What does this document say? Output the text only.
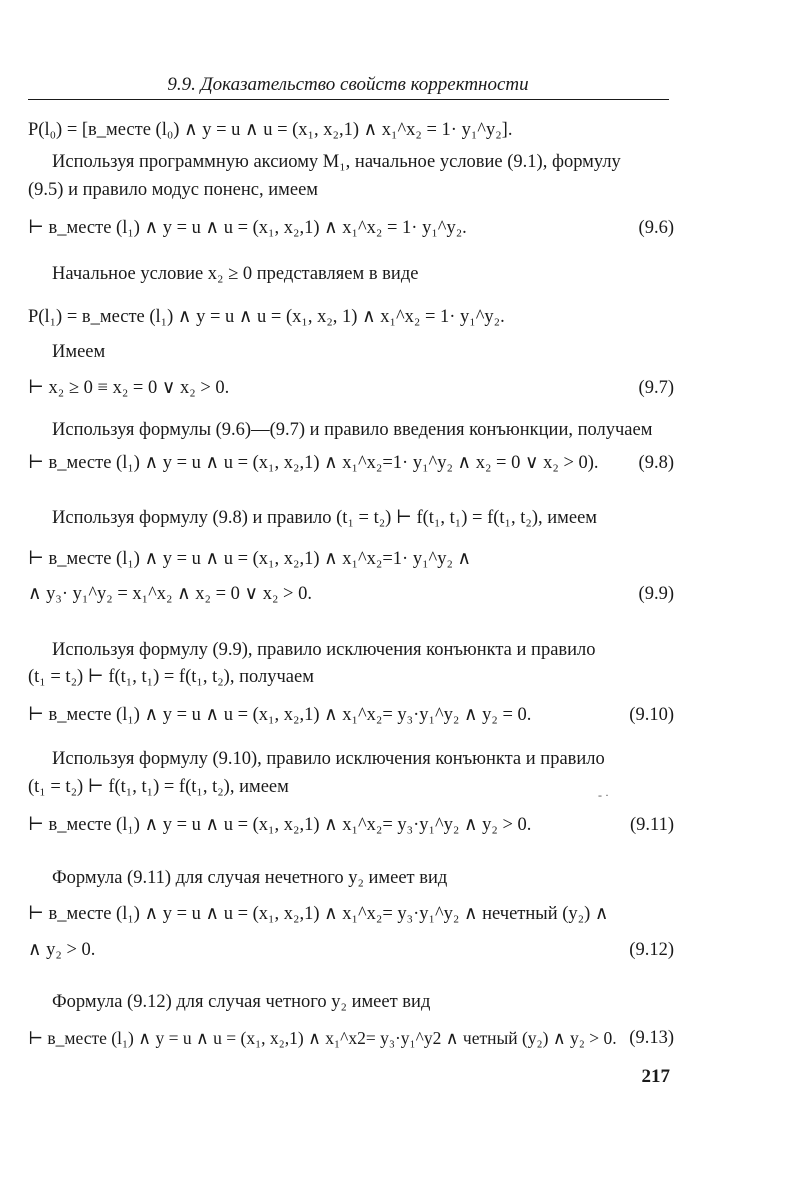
9.9. Доказательство свойств корректности
P(l₀) = [в_месте (l₀) ∧ y = u ∧ u = (x₁, x₂,1) ∧ x₁^x₂ = 1· y₁^y₂].
Используя программную аксиому M₁, начальное условие (9.1), формулу
(9.5) и правило модус поненс, имеем
⊢ в_месте (l₁) ∧ y = u ∧ u = (x₁, x₂,1) ∧ x₁^x₂ = 1· y₁^y₂.	(9.6)
Начальное условие x₂ ≥ 0 представляем в виде
P(l₁) = в_месте (l₁) ∧ y = u ∧ u = (x₁, x₂, 1) ∧ x₁^x₂ = 1· y₁^y₂.
Имеем
⊢ x₂ ≥ 0 ≡ x₂ = 0 ∨ x₂ > 0.	(9.7)
Используя формулы (9.6)—(9.7) и правило введения конъюнкции, получаем
⊢ в_месте (l₁) ∧ y = u ∧ u = (x₁, x₂,1) ∧ x₁^x₂=1· y₁^y₂ ∧ x₂ = 0 ∨ x₂ > 0). (9.8)
Используя формулу (9.8) и правило (t₁ = t₂) ⊢ f(t₁, t₁) = f(t₁, t₂), имеем
⊢ в_месте (l₁) ∧ y = u ∧ u = (x₁, x₂,1) ∧ x₁^x₂=1· y₁^y₂ ∧
∧ y₃· y₁^y₂ = x₁^x₂ ∧ x₂ = 0 ∨ x₂ > 0.	(9.9)
Используя формулу (9.9), правило исключения конъюнкта и правило
(t₁ = t₂) ⊢ f(t₁, t₁) = f(t₁, t₂), получаем
⊢ в_месте (l₁) ∧ y = u ∧ u = (x₁, x₂,1) ∧ x₁^x₂= y₃·y₁^y₂ ∧ y₂ = 0.	(9.10)
Используя формулу (9.10), правило исключения конъюнкта и правило
(t₁ = t₂) ⊢ f(t₁, t₁) = f(t₁, t₂), имеем	- ·
⊢ в_месте (l₁) ∧ y = u ∧ u = (x₁, x₂,1) ∧ x₁^x₂= y₃·y₁^y₂ ∧ y₂ > 0.	(9.11)
Формула (9.11) для случая нечетного y₂ имеет вид
⊢ в_месте (l₁) ∧ y = u ∧ u = (x₁, x₂,1) ∧ x₁^x₂= y₃·y₁^y₂ ∧ нечетный (y₂) ∧
∧ y₂ > 0.	(9.12)
Формула (9.12) для случая четного y₂ имеет вид
⊢ в_месте (l₁) ∧ y = u ∧ u = (x₁, x₂,1) ∧ x₁^x2= y₃·y₁^y2 ∧ четный (y₂) ∧ y₂ > 0. (9.13)
217
